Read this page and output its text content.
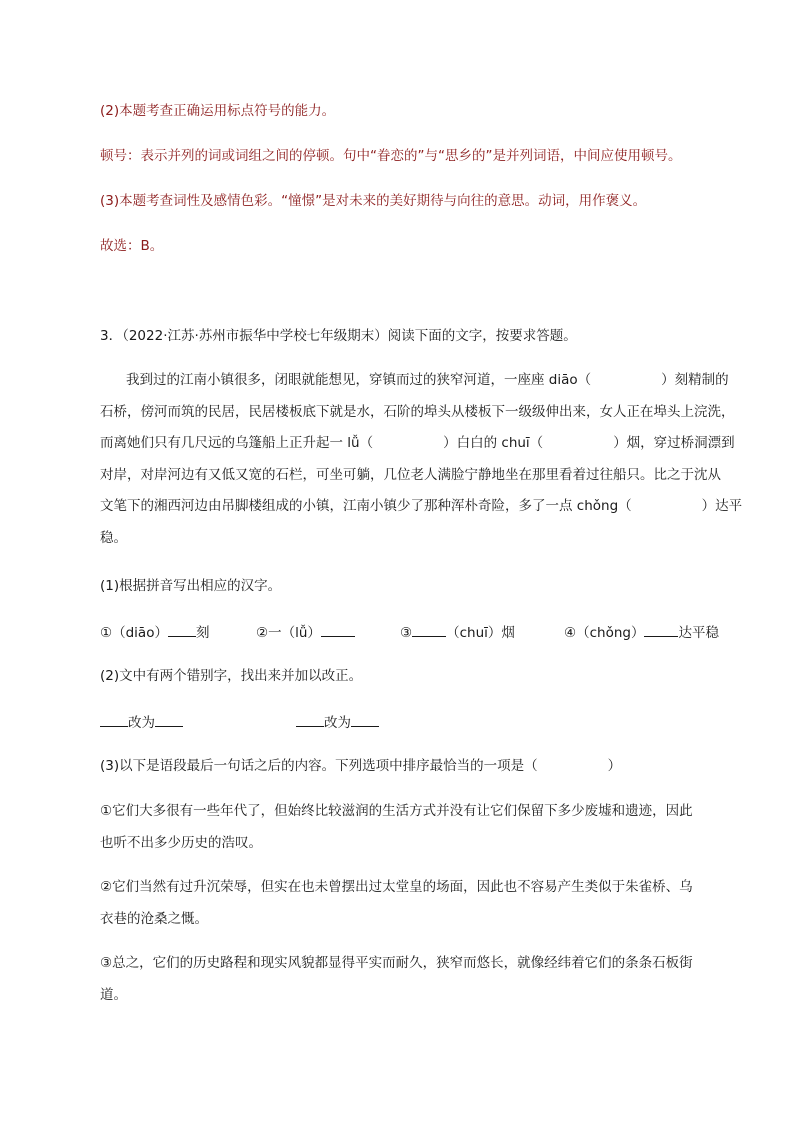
(2)本题考查正确运用标点符号的能力。
顿号：表示并列的词或词组之间的停顿。句中“眷恋的”与“思乡的”是并列词语，中间应使用顿号。
(3)本题考查词性及感情色彩。“憧憬”是对未来的美好期待与向往的意思。动词，用作褒义。
故选：B。
3．（2022·江苏·苏州市振华中学校七年级期末）阅读下面的文字，按要求答题。
我到过的江南小镇很多，闭眼就能想见，穿镇而过的狭窄河道，一座座 diāo（	）刻精制的
石桥，傍河而筑的民居，民居楼板底下就是水，石阶的埠头从楼板下一级级伸出来，女人正在埠头上浣洗，
而离她们只有几尺远的乌篷船上正升起一 lǚ（	）白白的 chuī（	）烟，穿过桥洞漂到
对岸，对岸河边有又低又宽的石栏，可坐可躺，几位老人满脸宁静地坐在那里看着过往船只。比之于沈从
文笔下的湘西河边由吊脚楼组成的小镇，江南小镇少了那种浑朴奇险，多了一点 chǒng（	）达平
稳。
(1)根据拼音写出相应的汉字。
①（diāo） 刻	②一（lǚ）	③	（chuī）烟	④（chǒng）	达平稳
(2)文中有两个错别字，找出来并加以改正。
改为	改为
(3)以下是语段最后一句话之后的内容。下列选项中排序最恰当的一项是（	）
①它们大多很有一些年代了，但始终比较滋润的生活方式并没有让它们保留下多少废墟和遗迹，因此
也听不出多少历史的浩叹。
②它们当然有过升沉荣辱，但实在也未曾摆出过太堂皇的场面，因此也不容易产生类似于朱雀桥、乌
衣巷的沧桑之慨。
③总之，它们的历史路程和现实风貌都显得平实而耐久，狭窄而悠长，就像经纬着它们的条条石板街
道。
